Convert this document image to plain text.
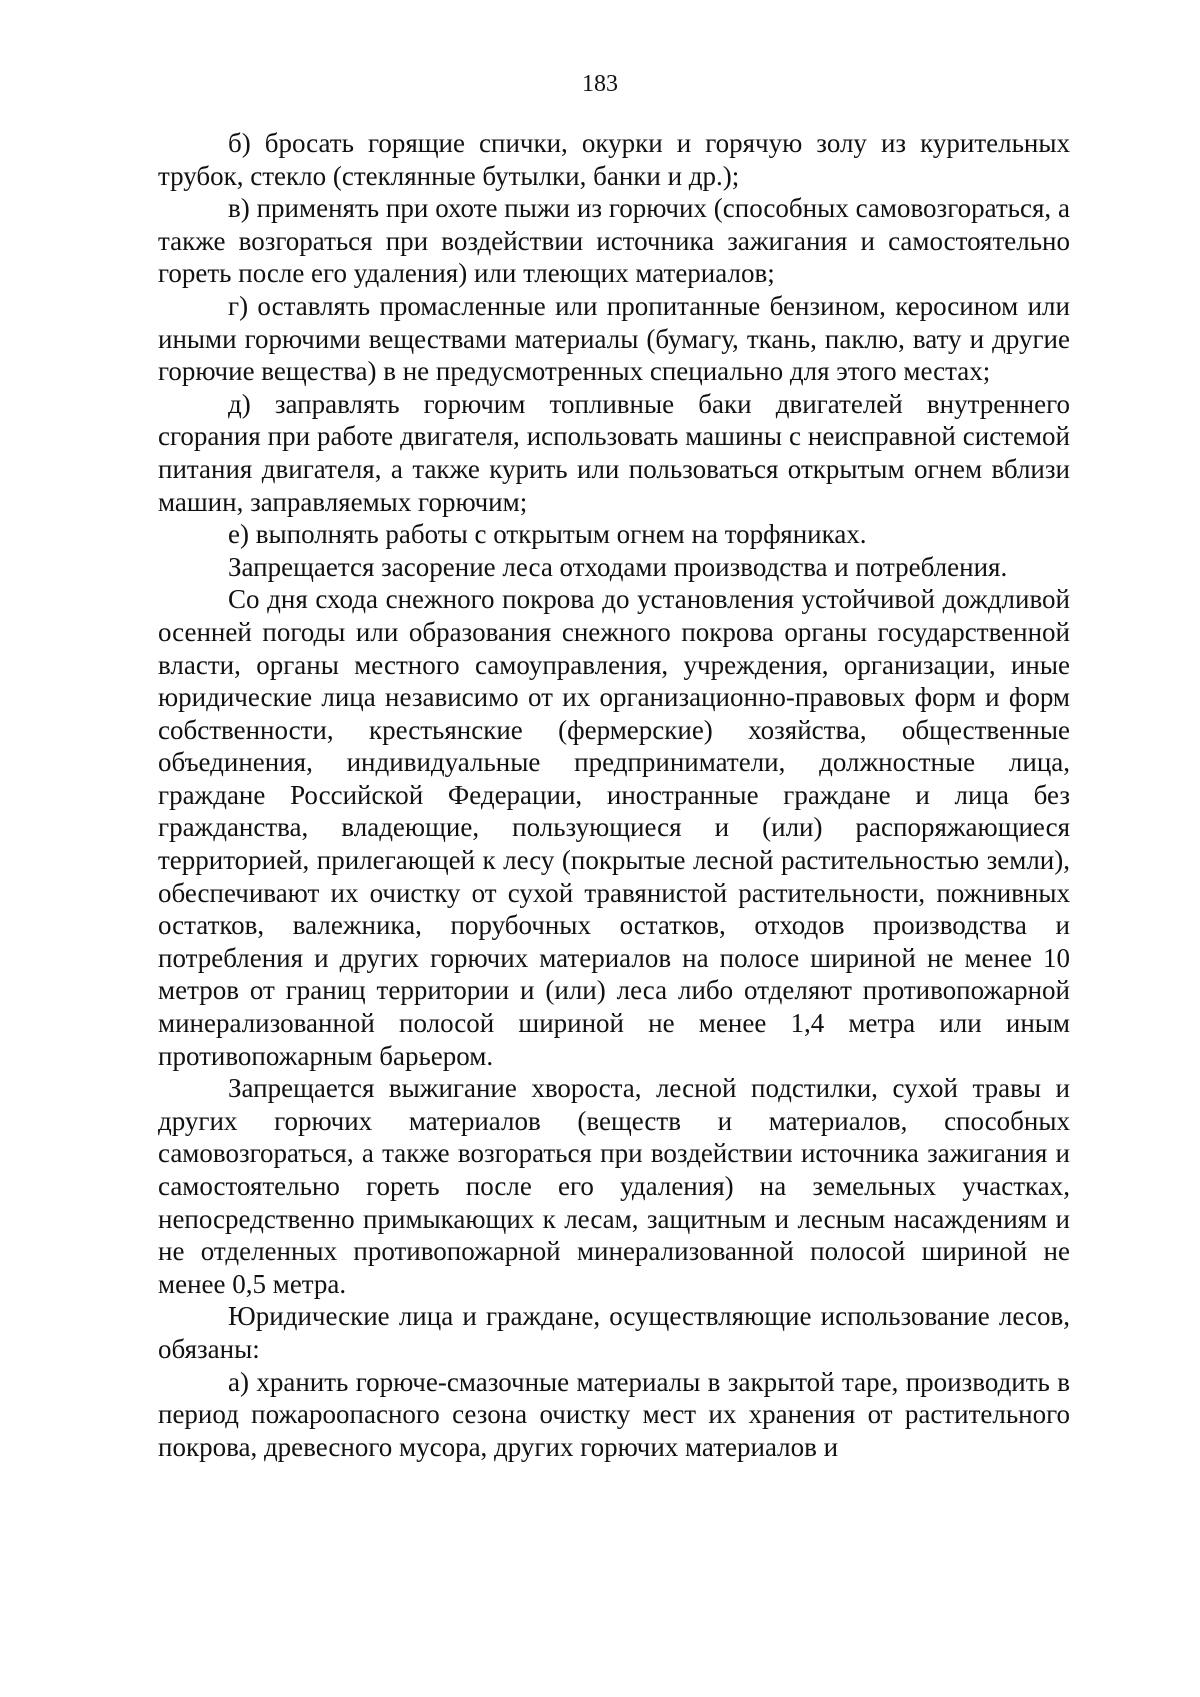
183

б) бросать горящие спички, окурки и горячую золу из курительных трубок, стекло (стеклянные бутылки, банки и др.);

в) применять при охоте пыжи из горючих (способных самовозгораться, а также возгораться при воздействии источника зажигания и самостоятельно гореть после его удаления) или тлеющих материалов;

г) оставлять промасленные или пропитанные бензином, керосином или иными горючими веществами материалы (бумагу, ткань, паклю, вату и другие горючие вещества) в не предусмотренных специально для этого местах;

д) заправлять горючим топливные баки двигателей внутреннего сгорания при работе двигателя, использовать машины с неисправной системой питания двигателя, а также курить или пользоваться открытым огнем вблизи машин, заправляемых горючим;

е) выполнять работы с открытым огнем на торфяниках.

Запрещается засорение леса отходами производства и потребления.

Со дня схода снежного покрова до установления устойчивой дождливой осенней погоды или образования снежного покрова органы государственной власти, органы местного самоуправления, учреждения, организации, иные юридические лица независимо от их организационно-правовых форм и форм собственности, крестьянские (фермерские) хозяйства, общественные объединения, индивидуальные предприниматели, должностные лица, граждане Российской Федерации, иностранные граждане и лица без гражданства, владеющие, пользующиеся и (или) распоряжающиеся территорией, прилегающей к лесу (покрытые лесной растительностью земли), обеспечивают их очистку от сухой травянистой растительности, пожнивных остатков, валежника, порубочных остатков, отходов производства и потребления и других горючих материалов на полосе шириной не менее 10 метров от границ территории и (или) леса либо отделяют противопожарной минерализованной полосой шириной не менее 1,4 метра или иным противопожарным барьером.

Запрещается выжигание хвороста, лесной подстилки, сухой травы и других горючих материалов (веществ и материалов, способных самовозгораться, а также возгораться при воздействии источника зажигания и самостоятельно гореть после его удаления) на земельных участках, непосредственно примыкающих к лесам, защитным и лесным насаждениям и не отделенных противопожарной минерализованной полосой шириной не менее 0,5 метра.

Юридические лица и граждане, осуществляющие использование лесов, обязаны:

а) хранить горюче-смазочные материалы в закрытой таре, производить в период пожароопасного сезона очистку мест их хранения от растительного покрова, древесного мусора, других горючих материалов и
